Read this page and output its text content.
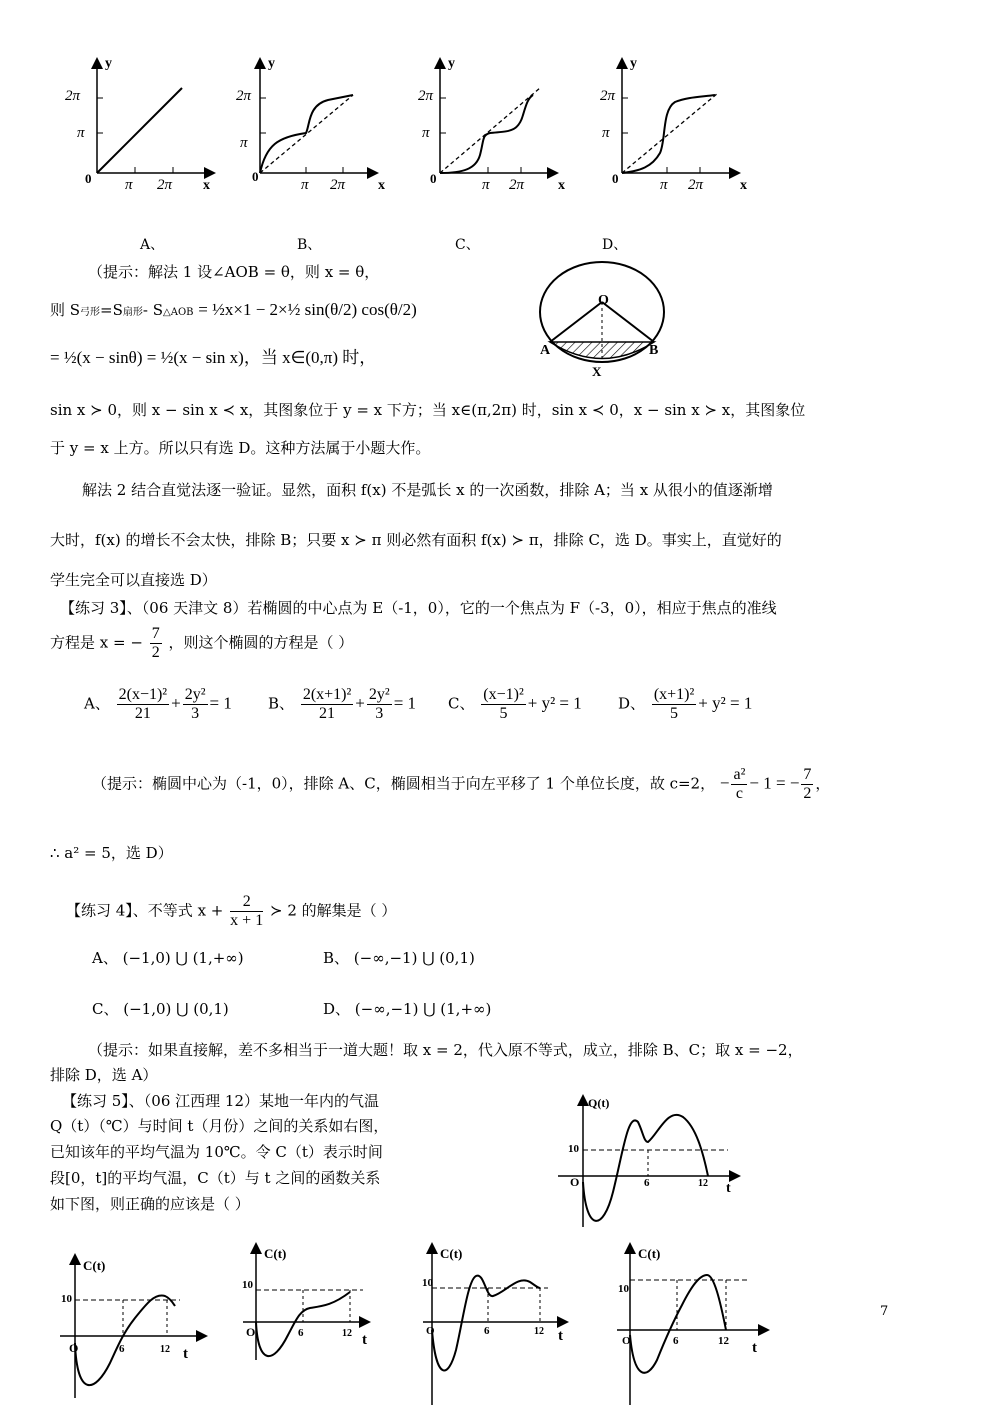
2π
π
0 π 2π x
y
2π
π
0
π 2π x
y
2π
π
0	π 2π x
y
2π
π
0	π 2π	x
y
A、	B、	C、	D、
O
A	B
X
（提示：解法 1 设∠AOB = θ，则 x = θ，
则 S弓形=S扇形- S△AOB = ½x×1 − 2×½ sin(θ/2) cos(θ/2)
= ½(x − sinθ) = ½(x − sin x)，当 x∈(0,π) 时，
sin x ≻ 0，则 x − sin x ≺ x，其图象位于 y = x 下方；当 x∈(π,2π) 时，sin x ≺ 0，x − sin x ≻ x，其图象位
于 y = x 上方。所以只有选 D。这种方法属于小题大作。
解法 2 结合直觉法逐一验证。显然，面积 f(x) 不是弧长 x 的一次函数，排除 A；当 x 从很小的值逐渐增
大时，f(x) 的增长不会太快，排除 B；只要 x ≻ π 则必然有面积 f(x) ≻ π，排除 C，选 D。事实上，直觉好的
学生完全可以直接选 D）
【练习 3】、（06 天津文 8）若椭圆的中心点为 E（-1，0），它的一个焦点为 F（-3，0），相应于焦点的准线
方程是 x = − $\frac{7}{2}$ ，则这个椭圆的方程是（ ）
A、 $\frac{\text{2(x−1)²}}{21} + \frac{\text{2y²}}{3} = 1$ B、 $\frac{\text{2(x+1)²}}{21} + \frac{\text{2y²}}{3} = 1$ C、 $\frac{\text{(x−1)²}}{5} + y^2 = 1$ D、 $\frac{\text{(x+1)²}}{5} + y^2 = 1$
（提示：椭圆中心为（-1，0），排除 A、C，椭圆相当于向左平移了 1 个单位长度，故 c=2， − $\frac{\text{a²}}{c} - 1$ = − $\frac{7}{2}$ ，
∴ a² = 5，选 D）
【练习 4】、不等式 $x + \frac{2}{x + 1}$ ≻ 2 的解集是（ ）
A、 (−1,0) ⋃ (1,+∞)	B、 (−∞,−1) ⋃ (0,1)
C、 (−1,0) ⋃ (0,1)	D、 (−∞,−1) ⋃ (1,+∞)
（提示：如果直接解，差不多相当于一道大题！取 x = 2，代入原不等式，成立，排除 B、C；取 x = −2，
排除 D，选 A）
【练习 5】、（06 江西理 12）某地一年内的气温
Q（t）（℃）与时间 t（月份）之间的关系如右图，
已知该年的平均气温为 10℃。令 C（t）表示时间
段[0，t]的平均气温，C（t）与 t 之间的函数关系
如下图，则正确的应该是（ ）
Q(t)
10
O	6	12 t
C(t)
10
O	6	12 t
C(t)
10
O	6	12 t
C(t)
10
O	6	12 t
C(t)
10
O	6	12 t
7
